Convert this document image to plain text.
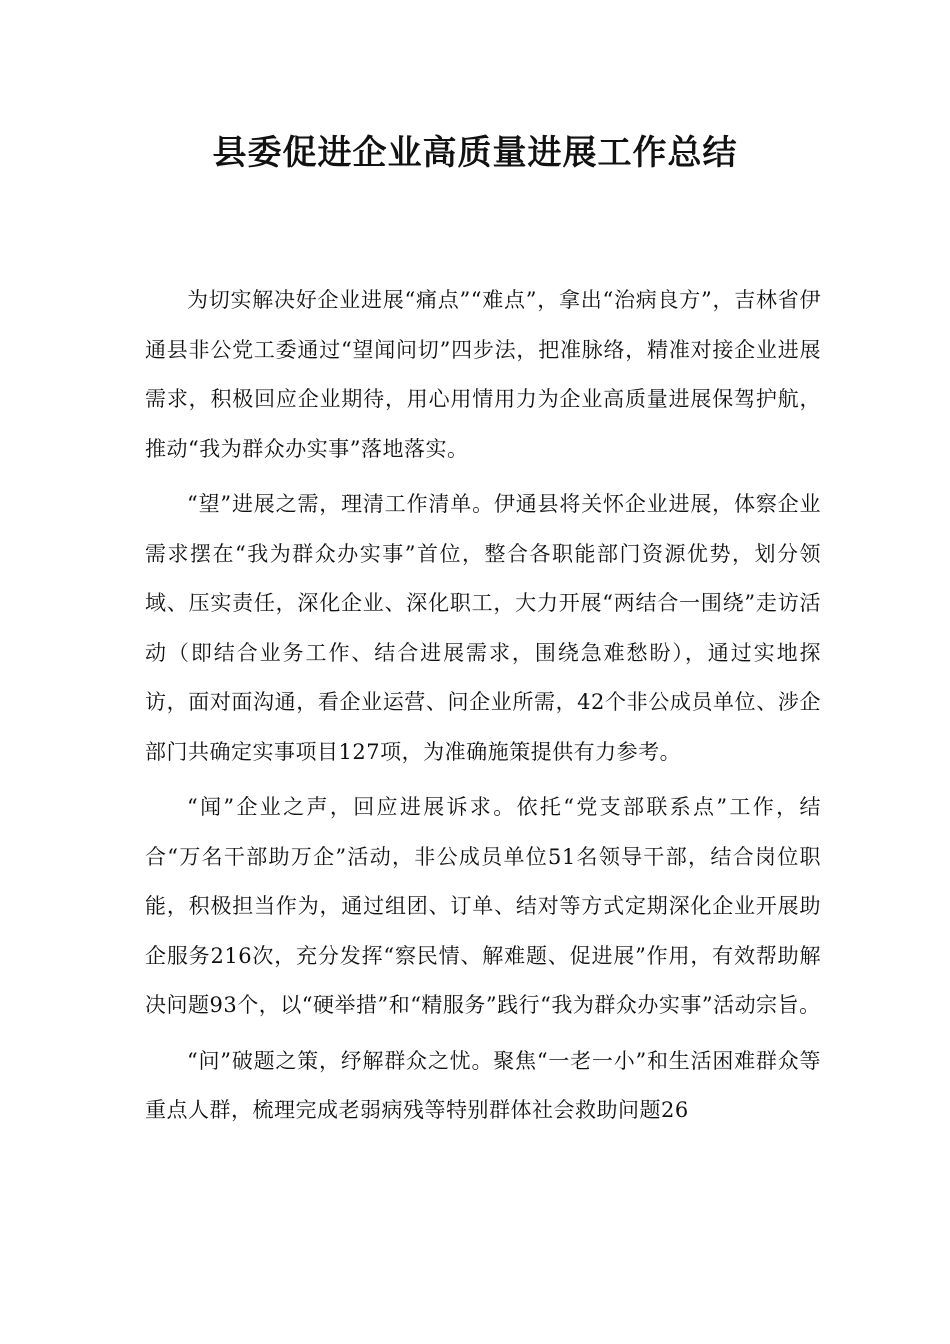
县委促进企业高质量进展工作总结

为切实解决好企业进展“痛点”“难点”，拿出“治病良方”，吉林省伊通县非公党工委通过“望闻问切”四步法，把准脉络，精准对接企业进展需求，积极回应企业期待，用心用情用力为企业高质量进展保驾护航，推动“我为群众办实事”落地落实。

“望”进展之需，理清工作清单。伊通县将关怀企业进展，体察企业需求摆在“我为群众办实事”首位，整合各职能部门资源优势，划分领域、压实责任，深化企业、深化职工，大力开展“两结合一围绕”走访活动（即结合业务工作、结合进展需求，围绕急难愁盼），通过实地探访，面对面沟通，看企业运营、问企业所需，42个非公成员单位、涉企部门共确定实事项目127项，为准确施策提供有力参考。

“闻”企业之声，回应进展诉求。依托“党支部联系点”工作，结合“万名干部助万企”活动，非公成员单位51名领导干部，结合岗位职能，积极担当作为，通过组团、订单、结对等方式定期深化企业开展助企服务216次，充分发挥“察民情、解难题、促进展”作用，有效帮助解决问题93个，以“硬举措”和“精服务”践行“我为群众办实事”活动宗旨。

“问”破题之策，纾解群众之忧。聚焦“一老一小”和生活困难群众等重点人群，梳理完成老弱病残等特别群体社会救助问题26
